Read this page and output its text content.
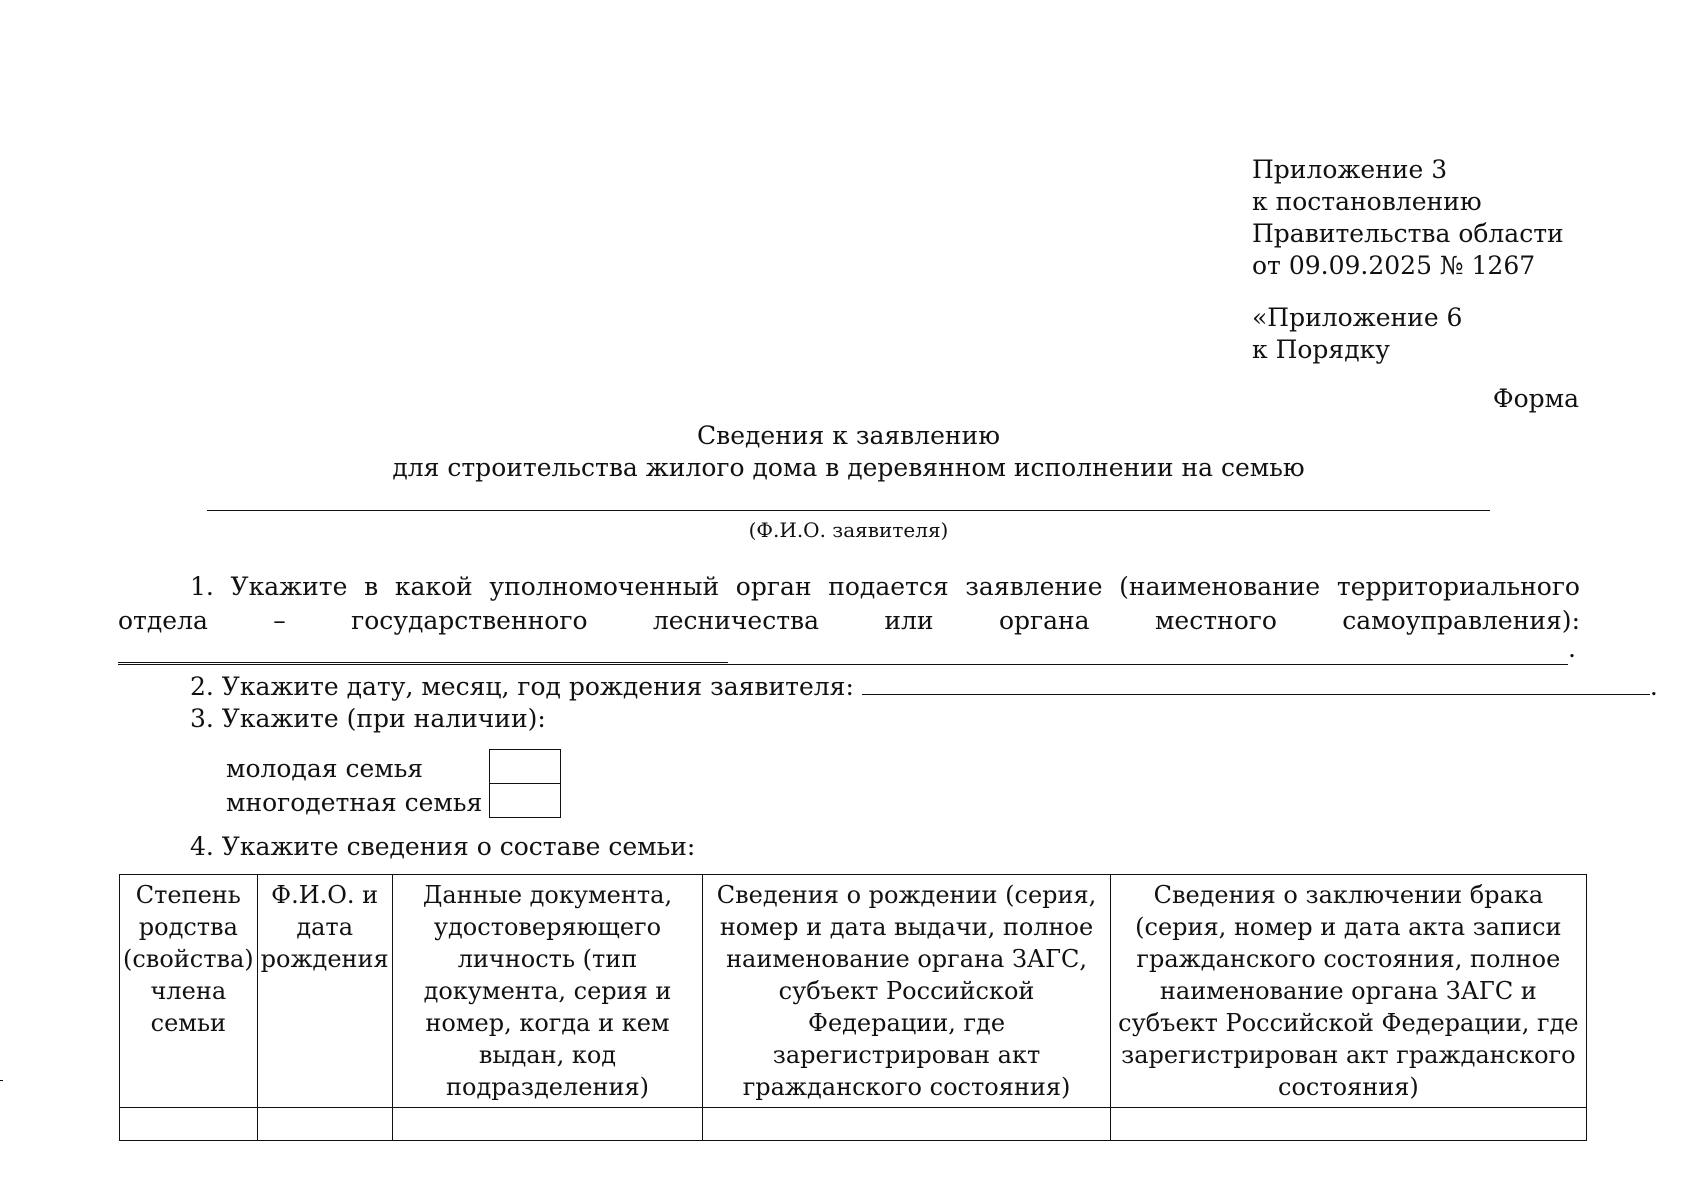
Приложение 3
к постановлению
Правительства области
от 09.09.2025 № 1267
«Приложение 6
к Порядку
Форма
Сведения к заявлению
для строительства жилого дома в деревянном исполнении на семью
(Ф.И.О. заявителя)
1. Укажите в какой уполномоченный орган подается заявление (наименование территориального отдела – государственного лесничества или органа местного самоуправления):
.
2. Укажите дату, месяц, год рождения заявителя:	.
3. Укажите (при наличии):
молодая семья
многодетная семья
4. Укажите сведения о составе семьи:
Степень родства (свойства) члена семьи	Ф.И.О. и дата рождения	Данные документа, удостоверяющего личность (тип документа, серия и номер, когда и кем выдан, код подразделения)	Сведения о рождении (серия, номер и дата выдачи, полное наименование органа ЗАГС, субъект Российской Федерации, где зарегистрирован акт гражданского состояния)	Сведения о заключении брака (серия, номер и дата акта записи гражданского состояния, полное наименование органа ЗАГС и субъект Российской Федерации, где зарегистрирован акт гражданского состояния)
